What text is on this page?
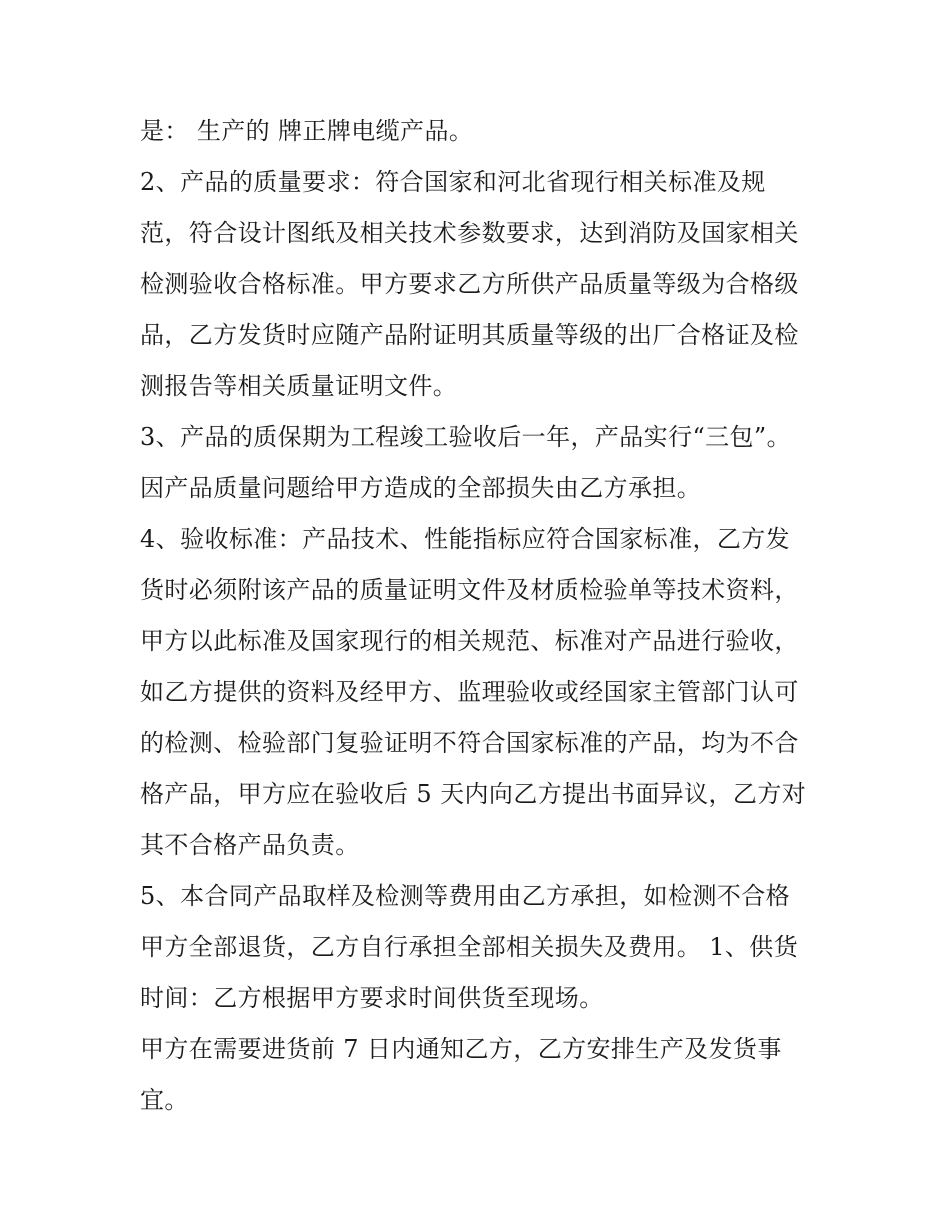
是： 生产的 牌正牌电缆产品。
2、产品的质量要求：符合国家和河北省现行相关标准及规
范，符合设计图纸及相关技术参数要求，达到消防及国家相关
检测验收合格标准。甲方要求乙方所供产品质量等级为合格级
品，乙方发货时应随产品附证明其质量等级的出厂合格证及检
测报告等相关质量证明文件。
3、产品的质保期为工程竣工验收后一年，产品实行“三包”。
因产品质量问题给甲方造成的全部损失由乙方承担。
4、验收标准：产品技术、性能指标应符合国家标准，乙方发
货时必须附该产品的质量证明文件及材质检验单等技术资料，
甲方以此标准及国家现行的相关规范、标准对产品进行验收，
如乙方提供的资料及经甲方、监理验收或经国家主管部门认可
的检测、检验部门复验证明不符合国家标准的产品，均为不合
格产品，甲方应在验收后 5 天内向乙方提出书面异议，乙方对
其不合格产品负责。
5、本合同产品取样及检测等费用由乙方承担，如检测不合格
甲方全部退货，乙方自行承担全部相关损失及费用。 1、供货
时间：乙方根据甲方要求时间供货至现场。
甲方在需要进货前 7 日内通知乙方，乙方安排生产及发货事
宜。
